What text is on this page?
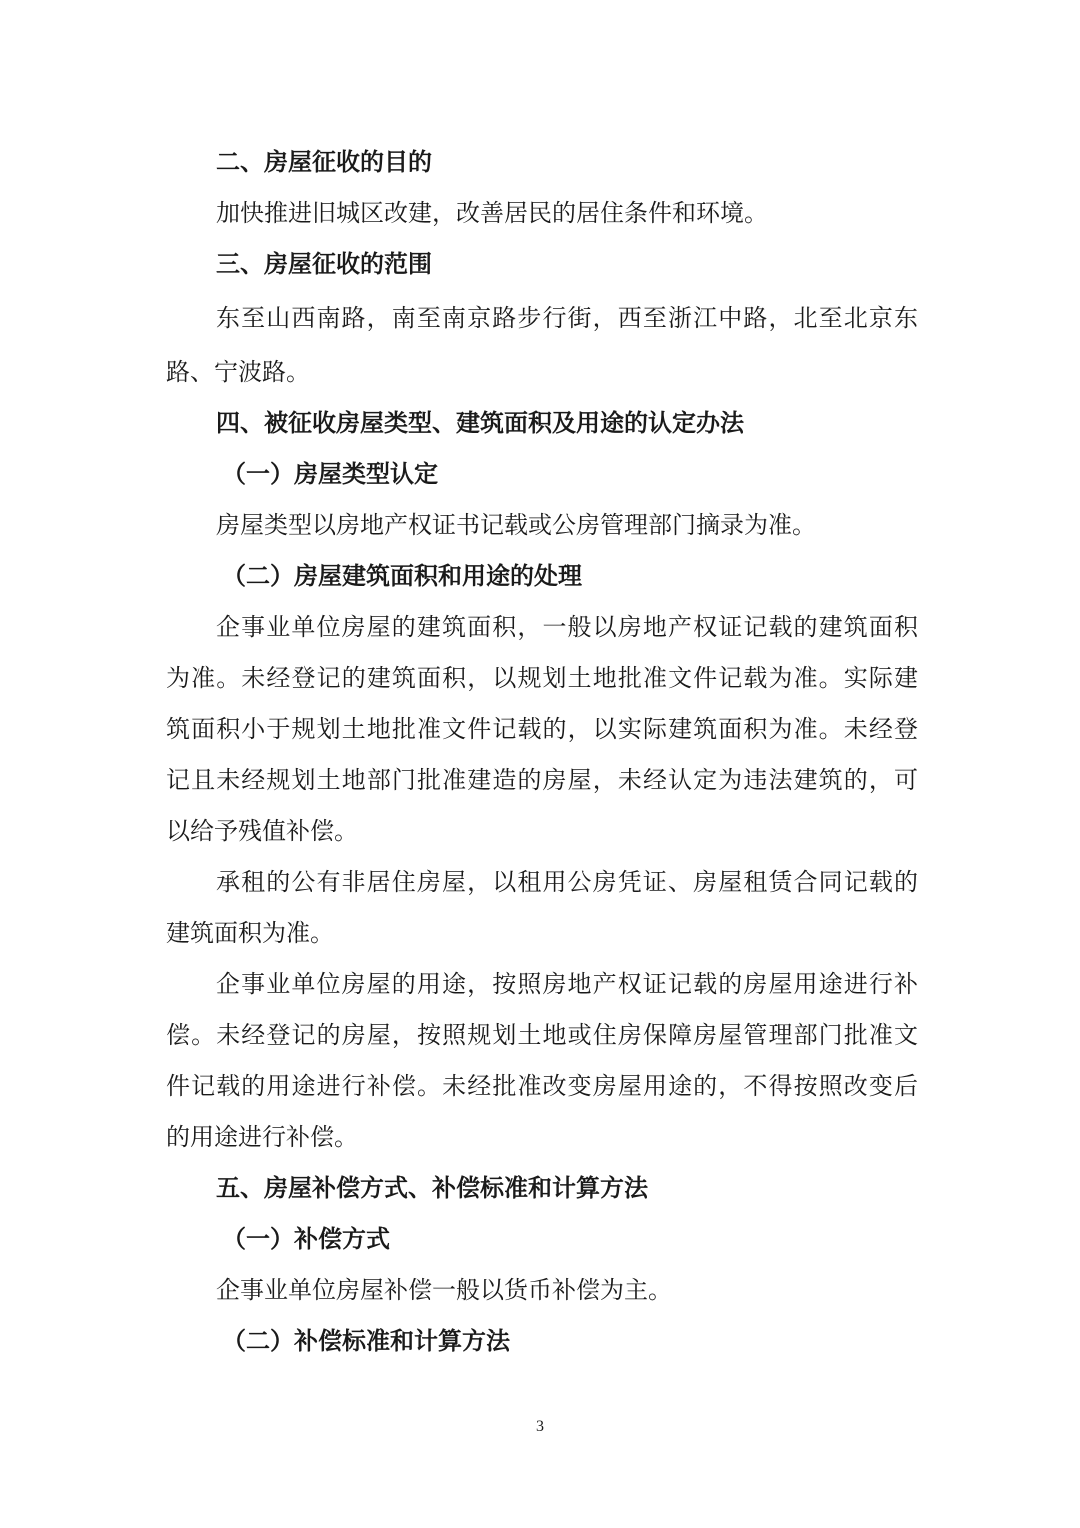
二、房屋征收的目的
加快推进旧城区改建，改善居民的居住条件和环境。
三、房屋征收的范围
东至山西南路，南至南京路步行街，西至浙江中路，北至北京东
路、宁波路。
四、被征收房屋类型、建筑面积及用途的认定办法
（一）房屋类型认定
房屋类型以房地产权证书记载或公房管理部门摘录为准。
（二）房屋建筑面积和用途的处理
企事业单位房屋的建筑面积，一般以房地产权证记载的建筑面积
为准。未经登记的建筑面积，以规划土地批准文件记载为准。实际建
筑面积小于规划土地批准文件记载的，以实际建筑面积为准。未经登
记且未经规划土地部门批准建造的房屋，未经认定为违法建筑的，可
以给予残值补偿。
承租的公有非居住房屋，以租用公房凭证、房屋租赁合同记载的
建筑面积为准。
企事业单位房屋的用途，按照房地产权证记载的房屋用途进行补
偿。未经登记的房屋，按照规划土地或住房保障房屋管理部门批准文
件记载的用途进行补偿。未经批准改变房屋用途的，不得按照改变后
的用途进行补偿。
五、房屋补偿方式、补偿标准和计算方法
（一）补偿方式
企事业单位房屋补偿一般以货币补偿为主。
（二）补偿标准和计算方法
3
